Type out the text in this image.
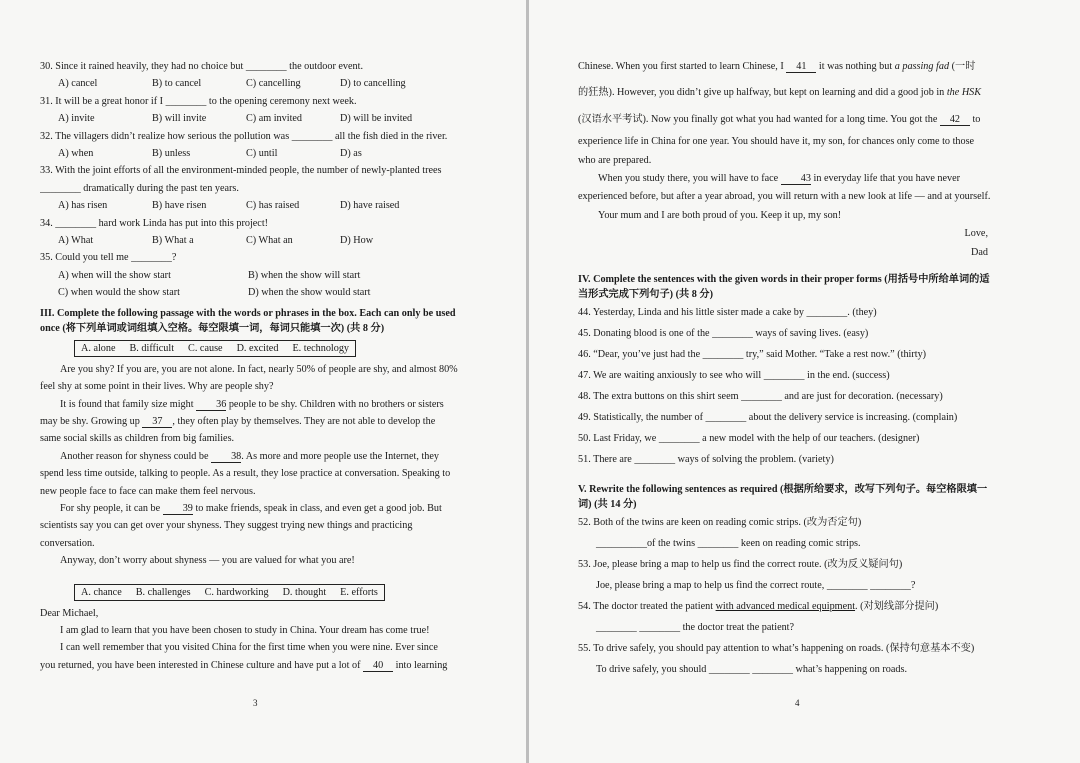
30. Since it rained heavily, they had no choice but ________ the outdoor event.
A) cancel	B) to cancel	C) cancelling	D) to cancelling
31. It will be a great honor if I ________ to the opening ceremony next week.
A) invite	B) will invite	C) am invited	D) will be invited
32. The villagers didn’t realize how serious the pollution was ________ all the fish died in the river.
A) when	B) unless	C) until	D) as
33. With the joint efforts of all the environment-minded people, the number of newly-planted trees
________ dramatically during the past ten years.
A) has risen	B) have risen	C) has raised	D) have raised
34. ________ hard work Linda has put into this project!
A) What	B) What a	C) What an	D) How
35. Could you tell me ________?
A) when will the show start	B) when the show will start
C) when would the show start	D) when the show would start
III. Complete the following passage with the words or phrases in the box. Each can only be used
once (将下列单词或词组填入空格。每空限填一词，每词只能填一次) (共 8 分)
A. alone B. difficult C. cause D. excited E. technology
Are you shy? If you are, you are not alone. In fact, nearly 50% of people are shy, and almost 80%
feel shy at some point in their lives. Why are people shy?
It is found that family size might 36 people to be shy. Children with no brothers or sisters
may be shy. Growing up 37 , they often play by themselves. They are not able to develop the
same social skills as children from big families.
Another reason for shyness could be 38. As more and more people use the Internet, they
spend less time outside, talking to people. As a result, they lose practice at conversation. Speaking to
new people face to face can make them feel nervous.
For shy people, it can be 39 to make friends, speak in class, and even get a good job. But
scientists say you can get over your shyness. They suggest trying new things and practicing
conversation.
Anyway, don’t worry about shyness — you are valued for what you are!
A. chance B. challenges C. hardworking D. thought E. efforts
Dear Michael,
I am glad to learn that you have been chosen to study in China. Your dream has come true!
I can well remember that you visited China for the first time when you were nine. Ever since
you returned, you have been interested in Chinese culture and have put a lot of 40 into learning
3
Chinese. When you first started to learn Chinese, I 41 it was nothing but a passing fad (一时
的狂热). However, you didn’t give up halfway, but kept on learning and did a good job in the HSK
(汉语水平考试). Now you finally got what you had wanted for a long time. You got the 42 to
experience life in China for one year. You should have it, my son, for chances only come to those
who are prepared.
When you study there, you will have to face 43 in everyday life that you have never
experienced before, but after a year abroad, you will return with a new look at life — and at yourself.
Your mum and I are both proud of you. Keep it up, my son!
Love,
Dad
IV. Complete the sentences with the given words in their proper forms (用括号中所给单词的适
当形式完成下列句子) (共 8 分)
44. Yesterday, Linda and his little sister made a cake by ________. (they)
45. Donating blood is one of the ________ ways of saving lives. (easy)
46. “Dear, you’ve just had the ________ try,” said Mother. “Take a rest now.” (thirty)
47. We are waiting anxiously to see who will ________ in the end. (success)
48. The extra buttons on this shirt seem ________ and are just for decoration. (necessary)
49. Statistically, the number of ________ about the delivery service is increasing. (complain)
50. Last Friday, we ________ a new model with the help of our teachers. (designer)
51. There are ________ ways of solving the problem. (variety)
V. Rewrite the following sentences as required (根据所给要求，改写下列句子。每空格限填一
词) (共 14 分)
52. Both of the twins are keen on reading comic strips. (改为否定句)
__________of the twins ________ keen on reading comic strips.
53. Joe, please bring a map to help us find the correct route. (改为反义疑问句)
Joe, please bring a map to help us find the correct route, ________ ________?
54. The doctor treated the patient with advanced medical equipment. (对划线部分提问)
________ ________ the doctor treat the patient?
55. To drive safely, you should pay attention to what’s happening on roads. (保持句意基本不变)
To drive safely, you should ________ ________ what’s happening on roads.
4
